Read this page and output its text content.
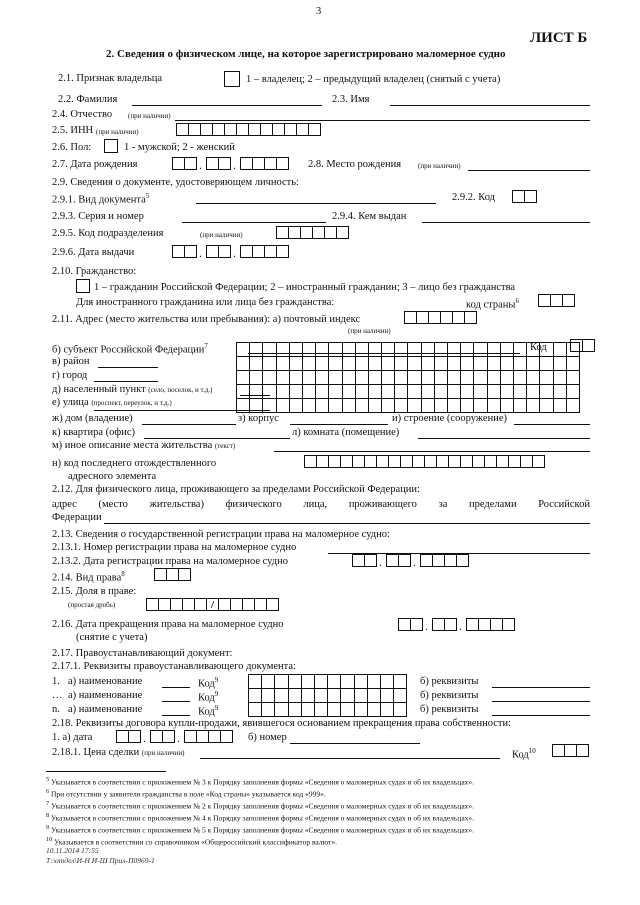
3
ЛИСТ Б
2. Сведения о физическом лице, на которое зарегистрировано маломерное судно
2.1. Признак владельца	1 – владелец; 2 – предыдущий владелец (снятый с учета)
2.2. Фамилия	2.3. Имя
2.4. Отчество (при наличии)
2.5. ИНН (при наличии)
2.6. Пол:	1 - мужской; 2 - женский
2.7. Дата рождения	.	.	2.8. Место рождения (при наличии)
2.9. Сведения о документе, удостоверяющем личность:
2.9.1. Вид документа$^5$	2.9.2. Код
2.9.3. Серия и номер	2.9.4. Кем выдан
2.9.5. Код подразделения	(при наличии)
2.9.6. Дата выдачи	.	.
2.10. Гражданство:
1 – гражданин Российской Федерации; 2 – иностранный гражданин; 3 – лицо без гражданства
Для иностранного гражданина или лица без гражданства:	код страны$^6$
2.11. Адрес (место жительства или пребывания): а) почтовый индекс
(при наличии)
б) субъект Российской Федерации$^7$	Код
в) район
г) город
д) населенный пункт (село, поселок, и т.д.)
е) улица (проспект, переулок, и т.д.)
ж) дом (владение)	з) корпус	и) строение (сооружение)
к) квартира (офис)	л) комната (помещение)
м) иное описание места жительства (текст)
н) код последнего отождествленного
адресного элемента
2.12. Для физического лица, проживающего за пределами Российской Федерации:
адрес (место жительства) физического лица, проживающего за пределами Российской
Федерации
2.13. Сведения о государственной регистрации права на маломерное судно:
2.13.1. Номер регистрации права на маломерное судно
2.13.2. Дата регистрации права на маломерное судно	.	.
2.14. Вид права$^8$
2.15. Доля в праве:
(простая дробь)	/
2.16. Дата прекращения права на маломерное судно
(снятие с учета)
.	.
2.17. Правоустанавливающий документ:
2.17.1. Реквизиты правоустанавливающего документа:
1. а) наименование	Код$^9$	б) реквизиты
… а) наименование	Код$^9$	б) реквизиты
n. а) наименование	Код$^9$	б) реквизиты
2.18. Реквизиты договора купли-продажи, явившегося основанием прекращения права собственности:
1. а) дата	.	.	б) номер
2.18.1. Цена сделки (при наличии)	Код$^{10}$
$^5$ Указывается в соответствии с приложением № 3 к Порядку заполнения формы «Сведения о маломерных судах и об их владельцах».
$^6$ При отсутствии у заявителя гражданства в поле «Код страны» указывается код «999».
$^7$ Указывается в соответствии с приложением № 2 к Порядку заполнения формы «Сведения о маломерных судах и об их владельцах».
$^8$ Указывается в соответствии с приложением № 4 к Порядку заполнения формы «Сведения о маломерных судах и об их владельцах».
$^9$ Указывается в соответствии с приложением № 5 к Порядку заполнения формы «Сведения о маломерных судах и об их владельцах».
$^{10}$ Указывается в соответствии со справочником «Общероссийский классификатор валют».
10.11.2014 17:55
Т:\отдел\И-Н И-Ш Прил-П0969-1
